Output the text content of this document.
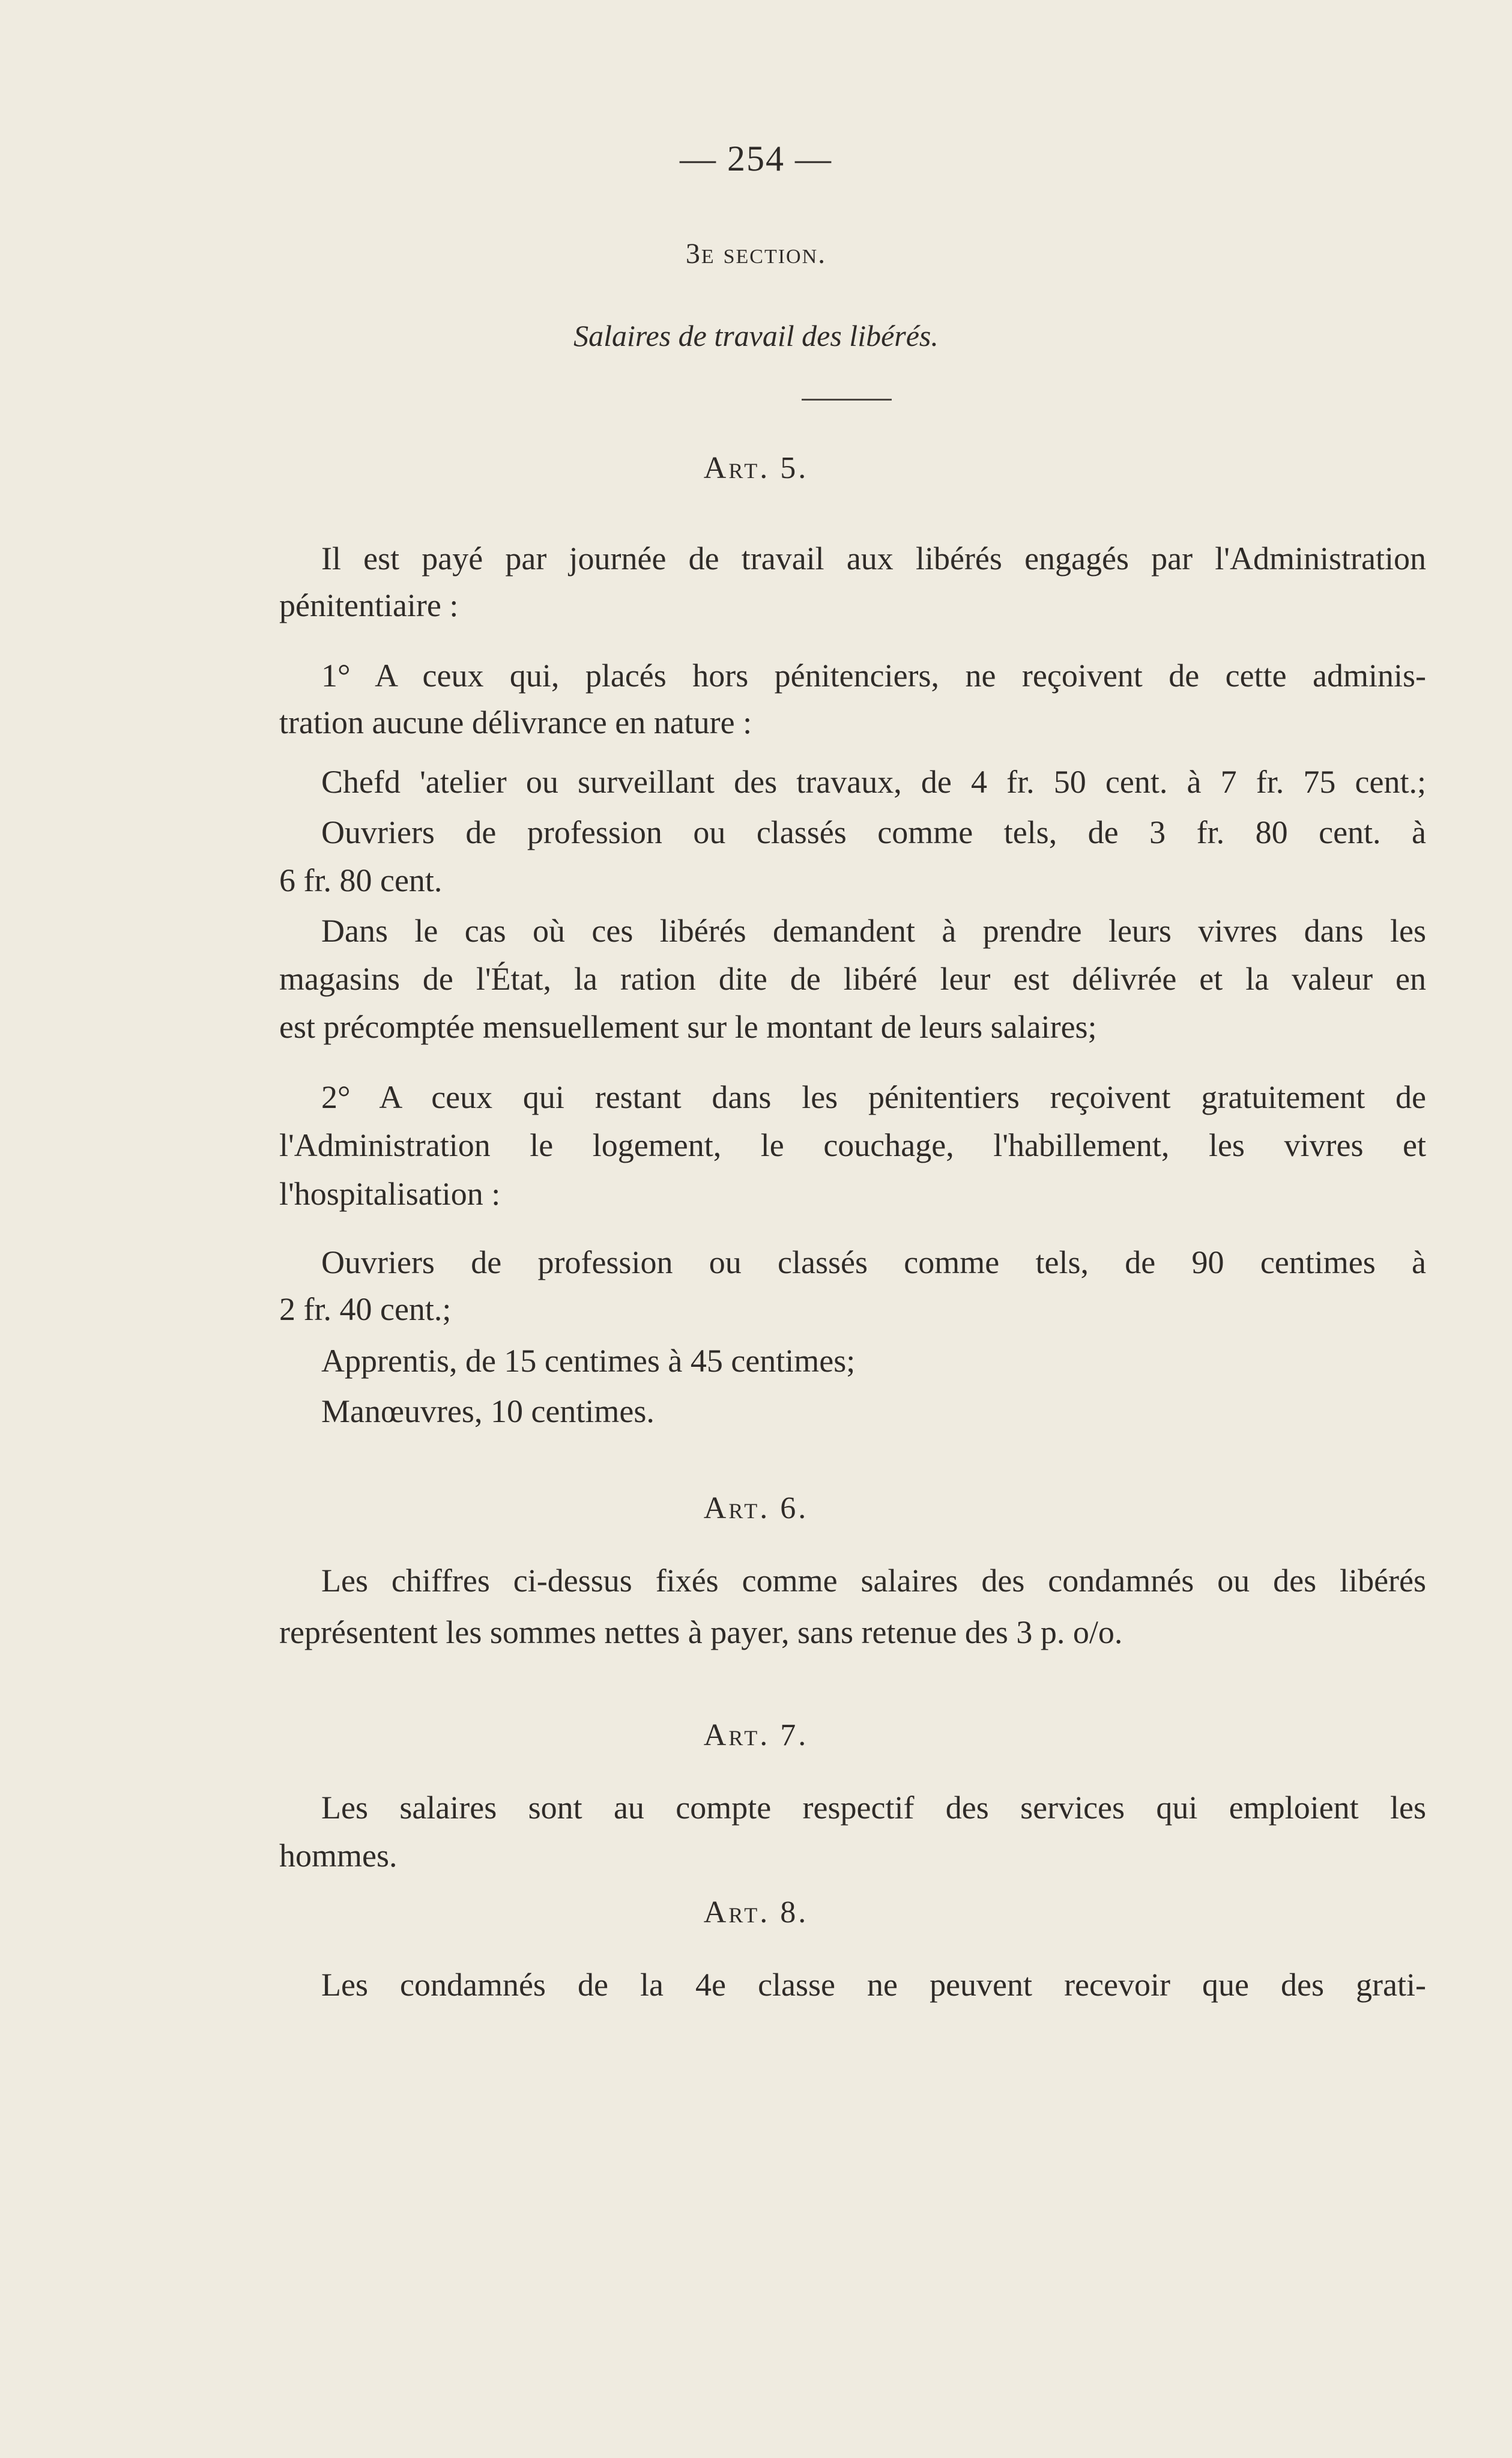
— 254 —
3e section.
Salaires de travail des libérés.
Art. 5.
Il est payé par journée de travail aux libérés engagés par l'Administration
pénitentiaire :
1° A ceux qui, placés hors pénitenciers, ne reçoivent de cette adminis-
tration aucune délivrance en nature :
Chefd 'atelier ou surveillant des travaux, de 4 fr. 50 cent. à 7 fr. 75 cent.;
Ouvriers de profession ou classés comme tels, de 3 fr. 80 cent. à
6 fr. 80 cent.
Dans le cas où ces libérés demandent à prendre leurs vivres dans les
magasins de l'État, la ration dite de libéré leur est délivrée et la valeur en
est précomptée mensuellement sur le montant de leurs salaires;
2° A ceux qui restant dans les pénitentiers reçoivent gratuitement de
l'Administration le logement, le couchage, l'habillement, les vivres et
l'hospitalisation :
Ouvriers de profession ou classés comme tels, de 90 centimes à
2 fr. 40 cent.;
Apprentis, de 15 centimes à 45 centimes;
Manœuvres, 10 centimes.
Art. 6.
Les chiffres ci-dessus fixés comme salaires des condamnés ou des libérés
représentent les sommes nettes à payer, sans retenue des 3 p. o/o.
Art. 7.
Les salaires sont au compte respectif des services qui emploient les
hommes.
Art. 8.
Les condamnés de la 4e classe ne peuvent recevoir que des grati-
